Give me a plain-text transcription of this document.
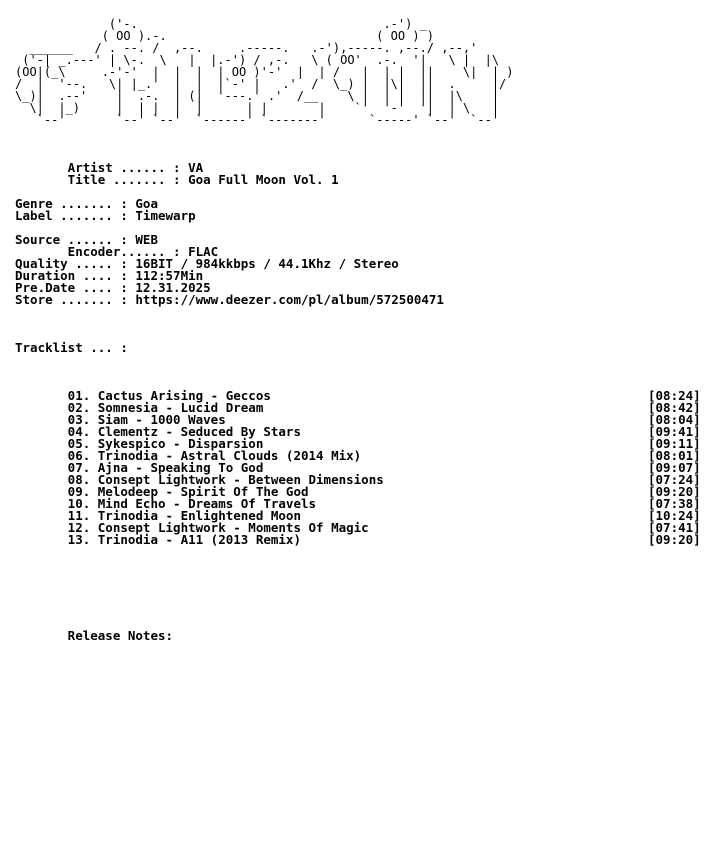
('-.                                  .-') _
( OO ).-.                             ( OO ) )
______   / . --. /  ,--.     .-----.   .-'),-----. ,--./ ,--,'
('-| _.---' | \-.  \   |  |.-') / ,-.   \ ( OO'  .-.  '|   \ |  |\
(OO|(_\     .-'-'  |  |  |  | OO )'-'  |  | /   |  | |  ||    \|  | )
/  |  '--.   \| |_.'  |  |  |`-' |   .'  /  \_) |  |\|  ||  .     |/
\_)|  .--'    |  .-.  | (|  '---.' .'  /__    \ |  | |  ||  |\    |
\|  |_)     |  | |  |  |      | |       |    `'  '-'  '|  | \   |
`--'       `--' `--'  `------' `-------'      `-----' `--'  `--'
Artist ...... : VA
Title ....... : Goa Full Moon Vol. 1
Genre ....... : Goa
Label ....... : Timewarp
Source ...... : WEB
Encoder...... : FLAC
Quality ..... : 16BIT / 984kkbps / 44.1Khz / Stereo
Duration .... : 112:57Min
Pre.Date .... : 12.31.2025
Store ....... : https://www.deezer.com/pl/album/572500471
Tracklist ... :
01. Cactus Arising - Geccos	[08:24]
02. Somnesia - Lucid Dream	[08:42]
03. Siam - 1000 Waves	[08:04]
04. Clementz - Seduced By Stars	[09:41]
05. Sykespico - Disparsion	[09:11]
06. Trinodia - Astral Clouds (2014 Mix)	[08:01]
07. Ajna - Speaking To God	[09:07]
08. Consept Lightwork - Between Dimensions	[07:24]
09. Melodeep - Spirit Of The God	[09:20]
10. Mind Echo - Dreams Of Travels	[07:38]
11. Trinodia - Enlightened Moon	[10:24]
12. Consept Lightwork - Moments Of Magic	[07:41]
13. Trinodia - A11 (2013 Remix)	[09:20]
Release Notes:
